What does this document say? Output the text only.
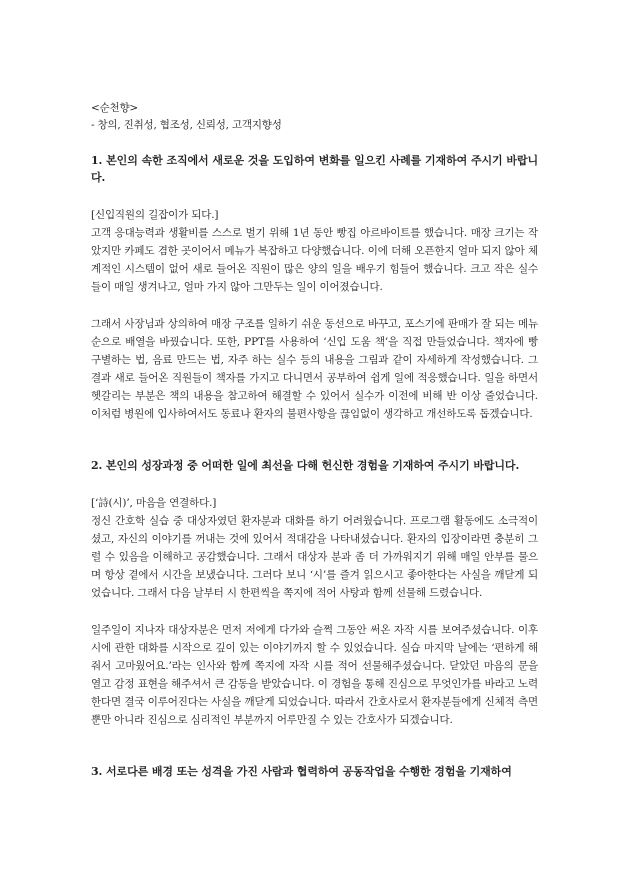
<순천향>
- 창의, 진취성, 협조성, 신뢰성, 고객지향성

1. 본인의 속한 조직에서 새로운 것을 도입하여 변화를 일으킨 사례를 기재하여 주시기 바랍니다.

[신입직원의 길잡이가 되다.]
고객 응대능력과 생활비를 스스로 벌기 위해 1년 동안 빵집 아르바이트를 했습니다. 매장 크기는 작았지만 카페도 겸한 곳이어서 메뉴가 복잡하고 다양했습니다. 이에 더해 오픈한지 얼마 되지 않아 체계적인 시스템이 없어 새로 들어온 직원이 많은 양의 일을 배우기 힘들어 했습니다. 크고 작은 실수들이 매일 생겨나고, 얼마 가지 않아 그만두는 일이 이어졌습니다.

그래서 사장님과 상의하여 매장 구조를 일하기 쉬운 동선으로 바꾸고, 포스기에 판매가 잘 되는 메뉴 순으로 배열을 바꿨습니다. 또한, PPT를 사용하여 ‘신입 도움 책’을 직접 만들었습니다. 책자에 빵 구별하는 법, 음료 만드는 법, 자주 하는 실수 등의 내용을 그림과 같이 자세하게 작성했습니다. 그 결과 새로 들어온 직원들이 책자를 가지고 다니면서 공부하여 쉽게 일에 적응했습니다. 일을 하면서 헷갈리는 부분은 책의 내용을 참고하여 해결할 수 있어서 실수가 이전에 비해 반 이상 줄었습니다. 이처럼 병원에 입사하여서도 동료나 환자의 불편사항을 끊임없이 생각하고 개선하도록 돕겠습니다.

2. 본인의 성장과정 중 어떠한 일에 최선을 다해 헌신한 경험을 기재하여 주시기 바랍니다.

[‘詩(시)’, 마음을 연결하다.]
정신 간호학 실습 중 대상자였던 환자분과 대화를 하기 어려웠습니다. 프로그램 활동에도 소극적이셨고, 자신의 이야기를 꺼내는 것에 있어서 적대감을 나타내셨습니다. 환자의 입장이라면 충분히 그럴 수 있음을 이해하고 공감했습니다. 그래서 대상자 분과 좀 더 가까워지기 위해 매일 안부를 물으며 항상 곁에서 시간을 보냈습니다. 그러다 보니 ‘시’를 즐겨 읽으시고 좋아한다는 사실을 깨닫게 되었습니다. 그래서 다음 날부터 시 한편씩을 쪽지에 적어 사탕과 함께 선물해 드렸습니다.

일주일이 지나자 대상자분은 먼저 저에게 다가와 슬쩍 그동안 써온 자작 시를 보여주셨습니다. 이후 시에 관한 대화를 시작으로 깊이 있는 이야기까지 할 수 있었습니다. 실습 마지막 날에는 ‘편하게 해줘서 고마웠어요.’라는 인사와 함께 쪽지에 자작 시를 적어 선물해주셨습니다. 닫았던 마음의 문을 열고 감정 표현을 해주셔서 큰 감동을 받았습니다. 이 경험을 통해 진심으로 무엇인가를 바라고 노력한다면 결국 이루어진다는 사실을 깨닫게 되었습니다. 따라서 간호사로서 환자분들에게 신체적 측면뿐만 아니라 진심으로 심리적인 부분까지 어루만질 수 있는 간호사가 되겠습니다.

3. 서로다른 배경 또는 성격을 가진 사람과 협력하여 공동작업을 수행한 경험을 기재하여
